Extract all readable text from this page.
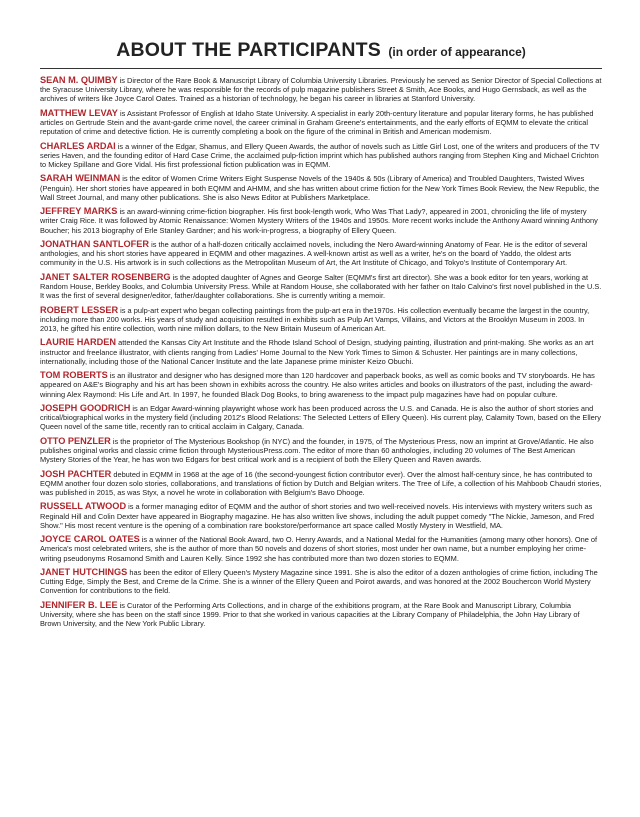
ABOUT THE PARTICIPANTS (in order of appearance)

SEAN M. QUIMBY is Director of the Rare Book & Manuscript Library of Columbia University Libraries. Previously he served as Senior Director of Special Collections at the Syracuse University Library, where he was responsible for the records of pulp magazine publishers Street & Smith, Ace Books, and Hugo Gernsback, as well as the archives of writers like Joyce Carol Oates. Trained as a historian of technology, he began his career in libraries at Stanford University.

MATTHEW LEVAY is Assistant Professor of English at Idaho State University. A specialist in early 20th-century literature and popular literary forms, he has published articles on Gertrude Stein and the avant-garde crime novel, the career criminal in Graham Greene's entertainments, and the early efforts of EQMM to elevate the critical reputation of crime and detective fiction. He is currently completing a book on the figure of the criminal in British and American modernism.

CHARLES ARDAI is a winner of the Edgar, Shamus, and Ellery Queen Awards, the author of novels such as Little Girl Lost, one of the writers and producers of the TV series Haven, and the founding editor of Hard Case Crime, the acclaimed pulp-fiction imprint which has published authors ranging from Stephen King and Michael Crichton to Mickey Spillane and Gore Vidal. His first professional fiction publication was in EQMM.

SARAH WEINMAN is the editor of Women Crime Writers Eight Suspense Novels of the 1940s & 50s (Library of America) and Troubled Daughters, Twisted Wives (Penguin). Her short stories have appeared in both EQMM and AHMM, and she has written about crime fiction for the New York Times Book Review, the New Republic, the Wall Street Journal, and many other publications. She is also News Editor at Publishers Marketplace.

JEFFREY MARKS is an award-winning crime-fiction biographer. His first book-length work, Who Was That Lady?, appeared in 2001, chronicling the life of mystery writer Craig Rice. It was followed by Atomic Renaissance: Women Mystery Writers of the 1940s and 1950s. More recent works include the Anthony Award winning Anthony Boucher; his 2013 biography of Erle Stanley Gardner; and his work-in-progress, a biography of Ellery Queen.

JONATHAN SANTLOFER is the author of a half-dozen critically acclaimed novels, including the Nero Award-winning Anatomy of Fear. He is the editor of several anthologies, and his short stories have appeared in EQMM and other magazines. A well-known artist as well as a writer, he's on the board of Yaddo, the oldest arts community in the U.S. His artwork is in such collections as the Metropolitan Museum of Art, the Art Institute of Chicago, and Tokyo's Institute of Contemporary Art.

JANET SALTER ROSENBERG is the adopted daughter of Agnes and George Salter (EQMM's first art director). She was a book editor for ten years, working at Random House, Berkley Books, and Columbia University Press. While at Random House, she collaborated with her father on Italo Calvino's first novel published in the U.S. It was the first of several designer/editor, father/daughter collaborations. She is currently writing a memoir.

ROBERT LESSER is a pulp-art expert who began collecting paintings from the pulp-art era in the1970s. His collection eventually became the largest in the country, including more than 200 works. His years of study and acquisition resulted in exhibits such as Pulp Art Vamps, Villains, and Victors at the Brooklyn Museum in 2003. In 2013, he gifted his entire collection, worth nine million dollars, to the New Britain Museum of American Art.

LAURIE HARDEN attended the Kansas City Art Institute and the Rhode Island School of Design, studying painting, illustration and print-making. She works as an art instructor and freelance illustrator, with clients ranging from Ladies' Home Journal to the New York Times to Simon & Schuster. Her paintings are in many collections, internationally, including those of the National Cancer Institute and the late Japanese prime minister Keizo Obuchi.

TOM ROBERTS is an illustrator and designer who has designed more than 120 hardcover and paperback books, as well as comic books and TV storyboards. He has appeared on A&E's Biography and his art has been shown in exhibits across the country. He also writes articles and books on illustrators of the past, including the award-winning Alex Raymond: His Life and Art. In 1997, he founded Black Dog Books, to bring awareness to the impact pulp magazines have had on popular culture.

JOSEPH GOODRICH is an Edgar Award-winning playwright whose work has been produced across the U.S. and Canada. He is also the author of short stories and critical/biographical works in the mystery field (including 2012's Blood Relations: The Selected Letters of Ellery Queen). His current play, Calamity Town, based on the Ellery Queen novel of the same title, recently ran to critical acclaim in Calgary, Canada.

OTTO PENZLER is the proprietor of The Mysterious Bookshop (in NYC) and the founder, in 1975, of The Mysterious Press, now an imprint at Grove/Atlantic. He also publishes original works and classic crime fiction through MysteriousPress.com. The editor of more than 60 anthologies, including 20 volumes of The Best American Mystery Stories of the Year, he has won two Edgars for best critical work and is a recipient of both the Ellery Queen and Raven awards.

JOSH PACHTER debuted in EQMM in 1968 at the age of 16 (the second-youngest fiction contributor ever). Over the almost half-century since, he has contributed to EQMM another four dozen solo stories, collaborations, and translations of fiction by Dutch and Belgian writers. The Tree of Life, a collection of his Mahboob Chaudri stories, was published in 2015, as was Styx, a novel he wrote in collaboration with Belgium's Bavo Dhooge.

RUSSELL ATWOOD is a former managing editor of EQMM and the author of short stories and two well-received novels. His interviews with mystery writers such as Reginald Hill and Colin Dexter have appeared in Biography magazine. He has also written live shows, including the adult puppet comedy "The Nickie, Jameson, and Fred Show." His most recent venture is the opening of a combination rare bookstore/performance art space called Mostly Mystery in Westfield, MA.

JOYCE CAROL OATES is a winner of the National Book Award, two O. Henry Awards, and a National Medal for the Humanities (among many other honors). One of America's most celebrated writers, she is the author of more than 50 novels and dozens of short stories, most under her own name, but a number employing her crime-writing pseudonyms Rosamond Smith and Lauren Kelly. Since 1992 she has contributed more than two dozen stories to EQMM.

JANET HUTCHINGS has been the editor of Ellery Queen's Mystery Magazine since 1991. She is also the editor of a dozen anthologies of crime fiction, including The Cutting Edge, Simply the Best, and Creme de la Crime. She is a winner of the Ellery Queen and Poirot awards, and was honored at the 2002 Bouchercon World Mystery Convention for contributions to the field.

JENNIFER B. LEE is Curator of the Performing Arts Collections, and in charge of the exhibitions program, at the Rare Book and Manuscript Library, Columbia University, where she has been on the staff since 1999. Prior to that she worked in various capacities at the Library Company of Philadelphia, the John Hay Library of Brown University, and the New York Public Library.
